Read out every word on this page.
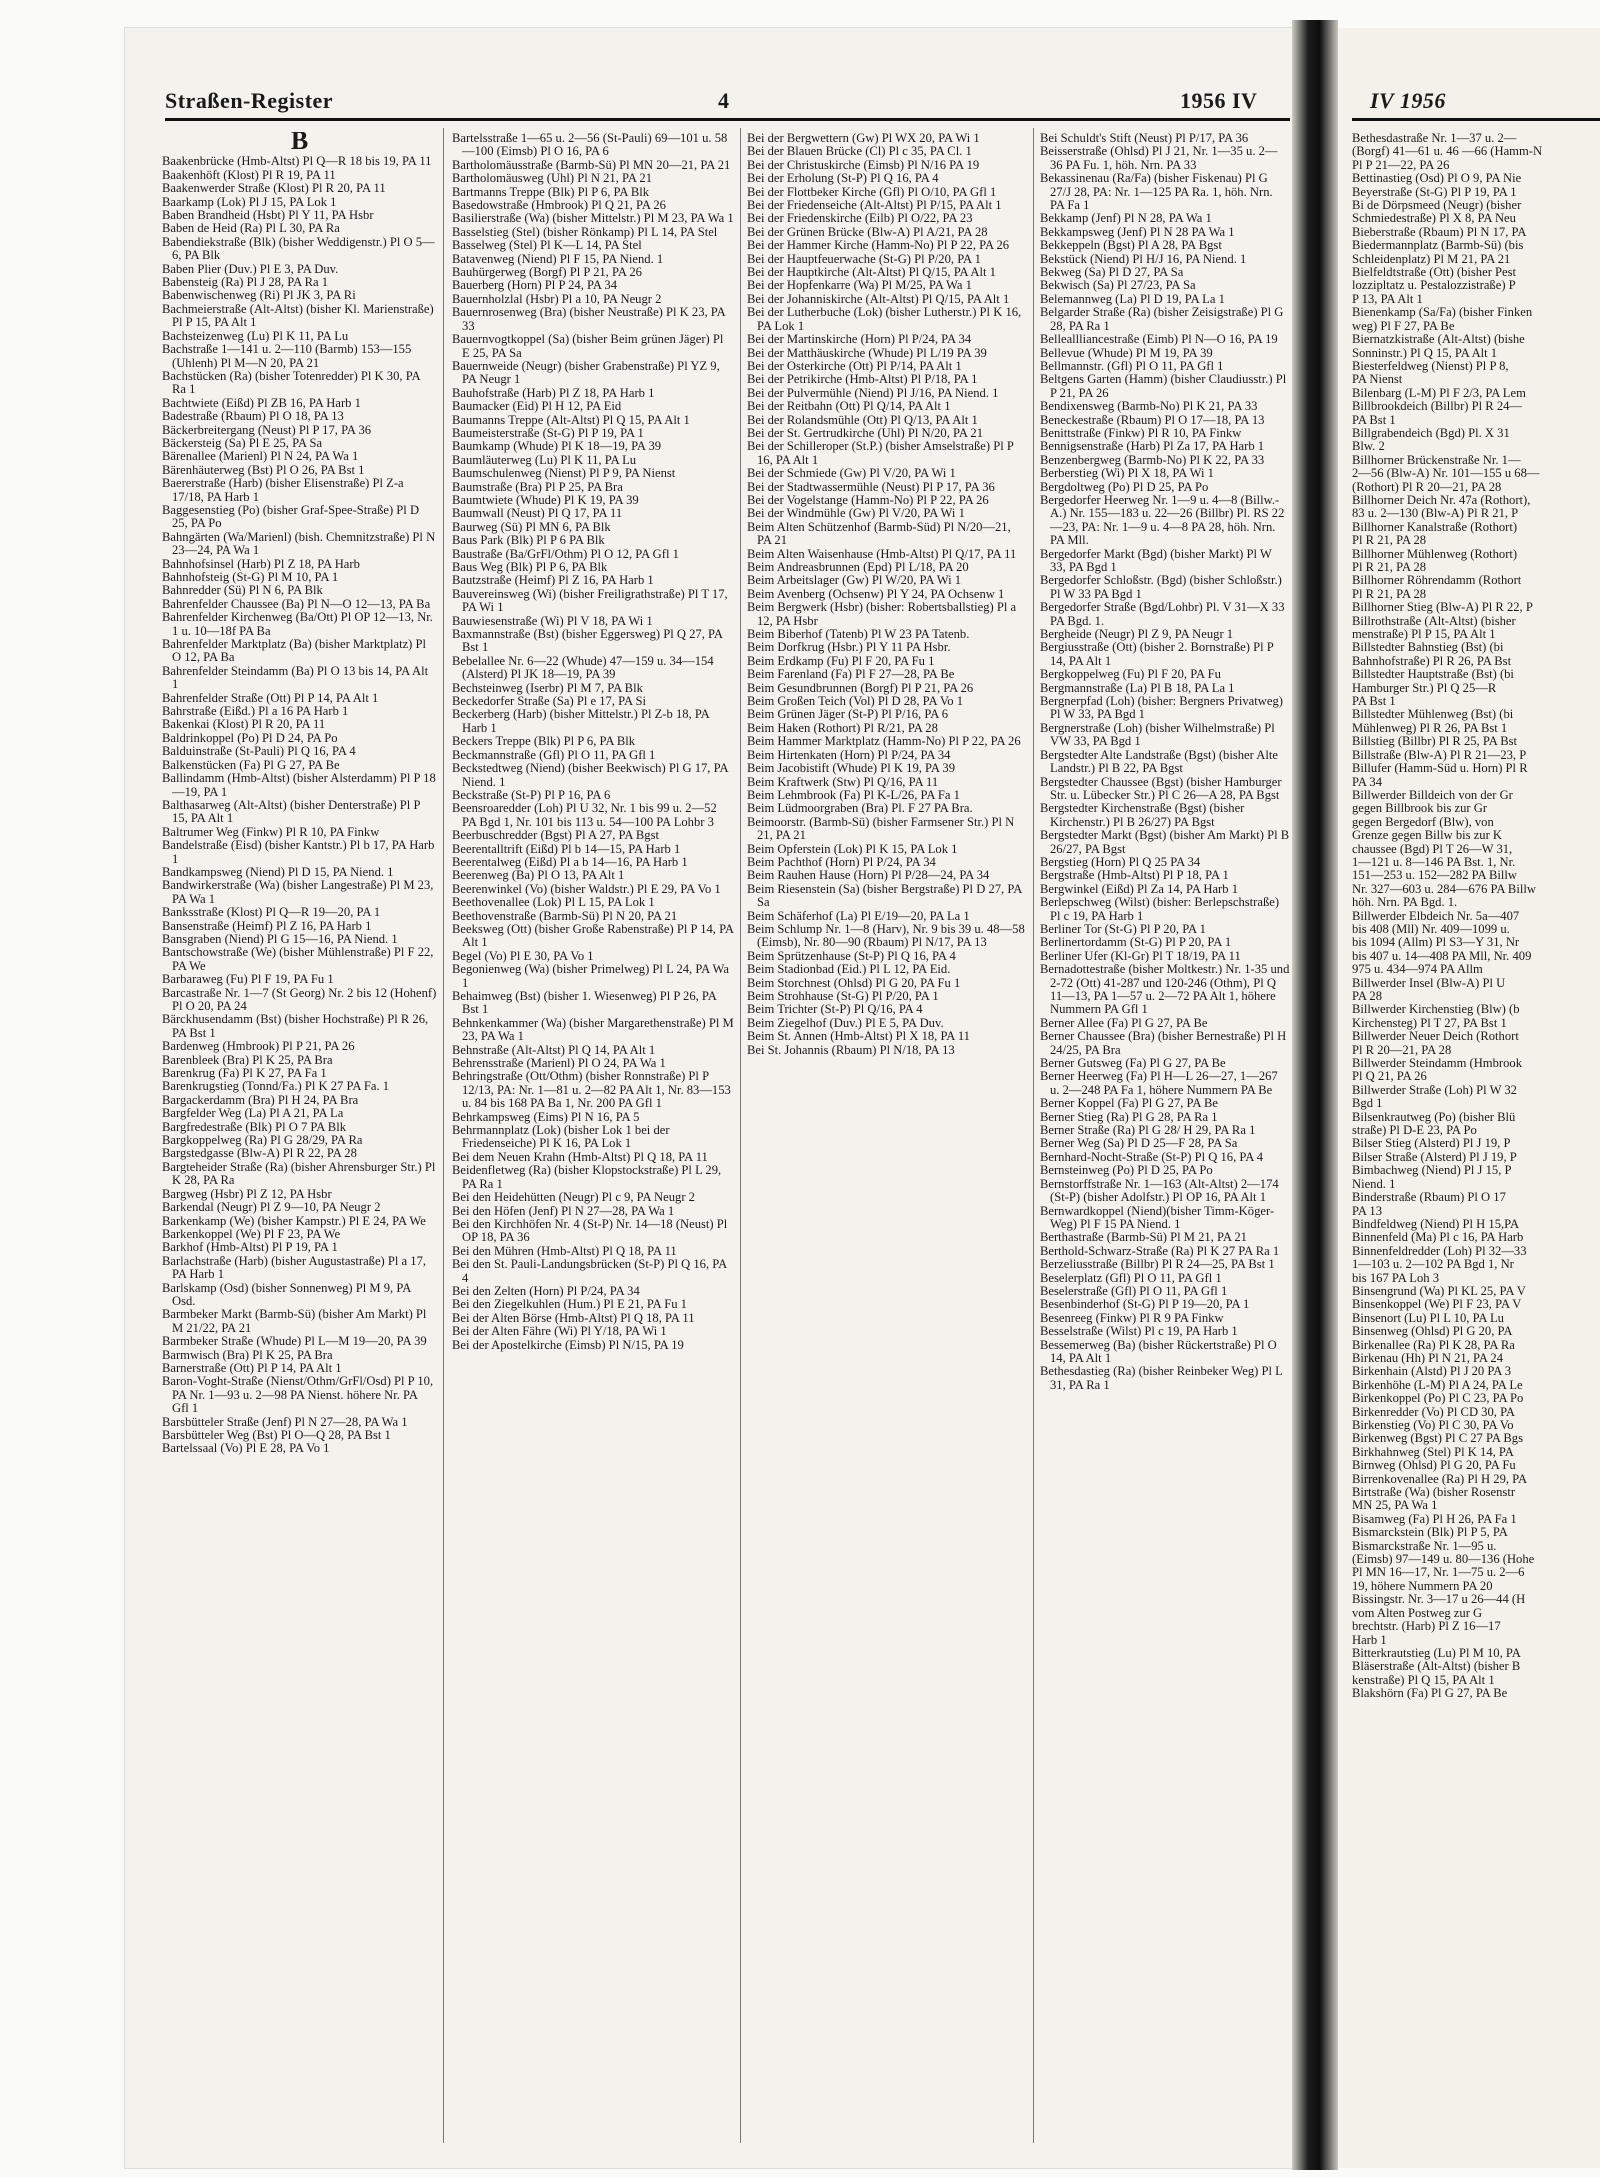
Straßen-Register	4	1956 IV	IV 1956
B

Baakenbrücke (Hmb-Altst) Pl Q—R 18 bis 19, PA 11

Baakenhöft (Klost) Pl R 19, PA 11

Baakenwerder Straße (Klost) Pl R 20, PA 11

Baarkamp (Lok) Pl J 15, PA Lok 1

Baben Brandheid (Hsbt) Pl Y 11, PA Hsbr

Baben de Heid (Ra) Pl L 30, PA Ra

Babendiekstraße (Blk) (bisher Weddigenstr.) Pl O 5—6, PA Blk

Baben Plier (Duv.) Pl E 3, PA Duv.

Babensteig (Ra) Pl J 28, PA Ra 1

Babenwischenweg (Ri) Pl JK 3, PA Ri

Bachmeierstraße (Alt-Altst) (bisher Kl. Marienstraße) Pl P 15, PA Alt 1

Bachsteizenweg (Lu) Pl K 11, PA Lu

Bachstraße 1—141 u. 2—110 (Barmb) 153—155 (Uhlenh) Pl M—N 20, PA 21

Bachstücken (Ra) (bisher Totenredder) Pl K 30, PA Ra 1

Bachtwiete (Eißd) Pl ZB 16, PA Harb 1

Badestraße (Rbaum) Pl O 18, PA 13

Bäckerbreitergang (Neust) Pl P 17, PA 36

Bäckersteig (Sa) Pl E 25, PA Sa

Bärenallee (Marienl) Pl N 24, PA Wa 1

Bärenhäuterweg (Bst) Pl O 26, PA Bst 1

Baererstraße (Harb) (bisher Elisenstraße) Pl Z-a 17/18, PA Harb 1

Baggesenstieg (Po) (bisher Graf-Spee-Straße) Pl D 25, PA Po

Bahngärten (Wa/Marienl) (bish. Chemnitzstraße) Pl N 23—24, PA Wa 1

Bahnhofsinsel (Harb) Pl Z 18, PA Harb

Bahnhofsteig (St-G) Pl M 10, PA 1

Bahnredder (Sü) Pl N 6, PA Blk

Bahrenfelder Chaussee (Ba) Pl N—O 12—13, PA Ba

Bahrenfelder Kirchenweg (Ba/Ott) Pl OP 12—13, Nr. 1 u. 10—18f PA Ba

Bahrenfelder Marktplatz (Ba) (bisher Marktplatz) Pl O 12, PA Ba

Bahrenfelder Steindamm (Ba) Pl O 13 bis 14, PA Alt 1

Bahrenfelder Straße (Ott) Pl P 14, PA Alt 1

Bahrstraße (Eißd.) Pl a 16 PA Harb 1

Bakenkai (Klost) Pl R 20, PA 11

Baldrinkoppel (Po) Pl D 24, PA Po

Balduinstraße (St-Pauli) Pl Q 16, PA 4

Balkenstücken (Fa) Pl G 27, PA Be

Ballindamm (Hmb-Altst) (bisher Alsterdamm) Pl P 18—19, PA 1

Balthasarweg (Alt-Altst) (bisher Denterstraße) Pl P 15, PA Alt 1

Baltrumer Weg (Finkw) Pl R 10, PA Finkw

Bandelstraße (Eisd) (bisher Kantstr.) Pl b 17, PA Harb 1

Bandkampsweg (Niend) Pl D 15, PA Niend. 1

Bandwirkerstraße (Wa) (bisher Langestraße) Pl M 23, PA Wa 1

Banksstraße (Klost) Pl Q—R 19—20, PA 1

Bansenstraße (Heimf) Pl Z 16, PA Harb 1

Bansgraben (Niend) Pl G 15—16, PA Niend. 1

Bantschowstraße (We) (bisher Mühlenstraße) Pl F 22, PA We

Barbaraweg (Fu) Pl F 19, PA Fu 1

Barcastraße Nr. 1—7 (St Georg) Nr. 2 bis 12 (Hohenf) Pl O 20, PA 24

Bärckhusendamm (Bst) (bisher Hochstraße) Pl R 26, PA Bst 1

Bardenweg (Hmbrook) Pl P 21, PA 26

Barenbleek (Bra) Pl K 25, PA Bra

Barenkrug (Fa) Pl K 27, PA Fa 1

Barenkrugstieg (Tonnd/Fa.) Pl K 27 PA Fa. 1

Bargackerdamm (Bra) Pl H 24, PA Bra

Bargfelder Weg (La) Pl A 21, PA La

Bargfredestraße (Blk) Pl O 7 PA Blk

Bargkoppelweg (Ra) Pl G 28/29, PA Ra

Bargstedgasse (Blw-A) Pl R 22, PA 28

Bargteheider Straße (Ra) (bisher Ahrensburger Str.) Pl K 28, PA Ra

Bargweg (Hsbr) Pl Z 12, PA Hsbr

Barkendal (Neugr) Pl Z 9—10, PA Neugr 2

Barkenkamp (We) (bisher Kampstr.) Pl E 24, PA We

Barkenkoppel (We) Pl F 23, PA We

Barkhof (Hmb-Altst) Pl P 19, PA 1

Barlachstraße (Harb) (bisher Augustastraße) Pl a 17, PA Harb 1

Barlskamp (Osd) (bisher Sonnenweg) Pl M 9, PA Osd.

Barmbeker Markt (Barmb-Sü) (bisher Am Markt) Pl M 21/22, PA 21

Barmbeker Straße (Whude) Pl L—M 19—20, PA 39

Barmwisch (Bra) Pl K 25, PA Bra

Barnerstraße (Ott) Pl P 14, PA Alt 1

Baron-Voght-Straße (Nienst/Othm/GrFl/Osd) Pl P 10, PA Nr. 1—93 u. 2—98 PA Nienst. höhere Nr. PA Gfl 1

Barsbütteler Straße (Jenf) Pl N 27—28, PA Wa 1

Barsbütteler Weg (Bst) Pl O—Q 28, PA Bst 1

Bartelssaal (Vo) Pl E 28, PA Vo 1

Bartelsstraße 1—65 u. 2—56 (St-Pauli) 69—101 u. 58—100 (Eimsb) Pl O 16, PA 6

Bartholomäusstraße (Barmb-Sü) Pl MN 20—21, PA 21

Bartholomäusweg (Uhl) Pl N 21, PA 21

Bartmanns Treppe (Blk) Pl P 6, PA Blk

Basedowstraße (Hmbrook) Pl Q 21, PA 26

Basilierstraße (Wa) (bisher Mittelstr.) Pl M 23, PA Wa 1

Basselstieg (Stel) (bisher Rönkamp) Pl L 14, PA Stel

Basselweg (Stel) Pl K—L 14, PA Stel

Batavenweg (Niend) Pl F 15, PA Niend. 1

Bauhürgerweg (Borgf) Pl P 21, PA 26

Bauerberg (Horn) Pl P 24, PA 34

Bauernholzlal (Hsbr) Pl a 10, PA Neugr 2

Bauernrosenweg (Bra) (bisher Neustraße) Pl K 23, PA 33

Bauernvogtkoppel (Sa) (bisher Beim grünen Jäger) Pl E 25, PA Sa

Bauernweide (Neugr) (bisher Grabenstraße) Pl YZ 9, PA Neugr 1

Bauhofstraße (Harb) Pl Z 18, PA Harb 1

Baumacker (Eid) Pl H 12, PA Eid

Baumanns Treppe (Alt-Altst) Pl Q 15, PA Alt 1

Baumeisterstraße (St-G) Pl P 19, PA 1

Baumkamp (Whude) Pl K 18—19, PA 39

Baumläuterweg (Lu) Pl K 11, PA Lu

Baumschulenweg (Nienst) Pl P 9, PA Nienst

Baumstraße (Bra) Pl P 25, PA Bra

Baumtwiete (Whude) Pl K 19, PA 39

Baumwall (Neust) Pl Q 17, PA 11

Baurweg (Sü) Pl MN 6, PA Blk

Baus Park (Blk) Pl P 6 PA Blk

Baustraße (Ba/GrFl/Othm) Pl O 12, PA Gfl 1

Baus Weg (Blk) Pl P 6, PA Blk

Bautzstraße (Heimf) Pl Z 16, PA Harb 1

Bauvereinsweg (Wi) (bisher Freiligrathstraße) Pl T 17, PA Wi 1

Bauwiesenstraße (Wi) Pl V 18, PA Wi 1

Baxmannstraße (Bst) (bisher Eggersweg) Pl Q 27, PA Bst 1

Bebelallee Nr. 6—22 (Whude) 47—159 u. 34—154 (Alsterd) Pl JK 18—19, PA 39

Bechsteinweg (Iserbr) Pl M 7, PA Blk

Beckedorfer Straße (Sa) Pl e 17, PA Si

Beckerberg (Harb) (bisher Mittelstr.) Pl Z-b 18, PA Harb 1

Beckers Treppe (Blk) Pl P 6, PA Blk

Beckmannstraße (Gfl) Pl O 11, PA Gfl 1

Beckstedtweg (Niend) (bisher Beekwisch) Pl G 17, PA Niend. 1

Beckstraße (St-P) Pl P 16, PA 6

Beensroaredder (Loh) Pl U 32, Nr. 1 bis 99 u. 2—52 PA Bgd 1, Nr. 101 bis 113 u. 54—100 PA Lohbr 3

Beerbuschredder (Bgst) Pl A 27, PA Bgst

Beerentalltrift (Eißd) Pl b 14—15, PA Harb 1

Beerentalweg (Eißd) Pl a b 14—16, PA Harb 1

Beerenweg (Ba) Pl O 13, PA Alt 1

Beerenwinkel (Vo) (bisher Waldstr.) Pl E 29, PA Vo 1

Beethovenallee (Lok) Pl L 15, PA Lok 1

Beethovenstraße (Barmb-Sü) Pl N 20, PA 21

Beeksweg (Ott) (bisher Große Rabenstraße) Pl P 14, PA Alt 1

Begel (Vo) Pl E 30, PA Vo 1

Begonienweg (Wa) (bisher Primelweg) Pl L 24, PA Wa 1

Behaimweg (Bst) (bisher 1. Wiesenweg) Pl P 26, PA Bst 1

Behnkenkammer (Wa) (bisher Margarethenstraße) Pl M 23, PA Wa 1

Behnstraße (Alt-Altst) Pl Q 14, PA Alt 1

Behrensstraße (Marienl) Pl O 24, PA Wa 1

Behringstraße (Ott/Othm) (bisher Ronnstraße) Pl P 12/13, PA: Nr. 1—81 u. 2—82 PA Alt 1, Nr. 83—153 u. 84 bis 168 PA Ba 1, Nr. 200 PA Gfl 1

Behrkampsweg (Eims) Pl N 16, PA 5

Behrmannplatz (Lok) (bisher Lok 1 bei der Friedenseiche) Pl K 16, PA Lok 1

Bei dem Neuen Krahn (Hmb-Altst) Pl Q 18, PA 11

Beidenfletweg (Ra) (bisher Klopstockstraße) Pl L 29, PA Ra 1

Bei den Heidehütten (Neugr) Pl c 9, PA Neugr 2

Bei den Höfen (Jenf) Pl N 27—28, PA Wa 1

Bei den Kirchhöfen Nr. 4 (St-P) Nr. 14—18 (Neust) Pl OP 18, PA 36

Bei den Mühren (Hmb-Altst) Pl Q 18, PA 11

Bei den St. Pauli-Landungsbrücken (St-P) Pl Q 16, PA 4

Bei den Zelten (Horn) Pl P/24, PA 34

Bei den Ziegelkuhlen (Hum.) Pl E 21, PA Fu 1

Bei der Alten Börse (Hmb-Altst) Pl Q 18, PA 11

Bei der Alten Fähre (Wi) Pl Y/18, PA Wi 1

Bei der Apostelkirche (Eimsb) Pl N/15, PA 19

Bei der Bergwettern (Gw) Pl WX 20, PA Wi 1

Bei der Blauen Brücke (Cl) Pl c 35, PA Cl. 1

Bei der Christuskirche (Eimsb) Pl N/16 PA 19

Bei der Erholung (St-P) Pl Q 16, PA 4

Bei der Flottbeker Kirche (Gfl) Pl O/10, PA Gfl 1

Bei der Friedenseiche (Alt-Altst) Pl P/15, PA Alt 1

Bei der Friedenskirche (Eilb) Pl O/22, PA 23

Bei der Grünen Brücke (Blw-A) Pl A/21, PA 28

Bei der Hammer Kirche (Hamm-No) Pl P 22, PA 26

Bei der Hauptfeuerwache (St-G) Pl P/20, PA 1

Bei der Hauptkirche (Alt-Altst) Pl Q/15, PA Alt 1

Bei der Hopfenkarre (Wa) Pl M/25, PA Wa 1

Bei der Johanniskirche (Alt-Altst) Pl Q/15, PA Alt 1

Bei der Lutherbuche (Lok) (bisher Lutherstr.) Pl K 16, PA Lok 1

Bei der Martinskirche (Horn) Pl P/24, PA 34

Bei der Matthäuskirche (Whude) Pl L/19 PA 39

Bei der Osterkirche (Ott) Pl P/14, PA Alt 1

Bei der Petrikirche (Hmb-Altst) Pl P/18, PA 1

Bei der Pulvermühle (Niend) Pl J/16, PA Niend. 1

Bei der Reitbahn (Ott) Pl Q/14, PA Alt 1

Bei der Rolandsmühle (Ott) Pl Q/13, PA Alt 1

Bei der St. Gertrudkirche (Uhl) Pl N/20, PA 21

Bei der Schilleroper (St.P.) (bisher Amselstraße) Pl P 16, PA Alt 1

Bei der Schmiede (Gw) Pl V/20, PA Wi 1

Bei der Stadtwassermühle (Neust) Pl P 17, PA 36

Bei der Vogelstange (Hamm-No) Pl P 22, PA 26

Bei der Windmühle (Gw) Pl V/20, PA Wi 1

Beim Alten Schützenhof (Barmb-Süd) Pl N/20—21, PA 21

Beim Alten Waisenhause (Hmb-Altst) Pl Q/17, PA 11

Beim Andreasbrunnen (Epd) Pl L/18, PA 20

Beim Arbeitslager (Gw) Pl W/20, PA Wi 1

Beim Avenberg (Ochsenw) Pl Y 24, PA Ochsenw 1

Beim Bergwerk (Hsbr) (bisher: Robertsballstieg) Pl a 12, PA Hsbr

Beim Biberhof (Tatenb) Pl W 23 PA Tatenb.

Beim Dorfkrug (Hsbr.) Pl Y 11 PA Hsbr.

Beim Erdkamp (Fu) Pl F 20, PA Fu 1

Beim Farenland (Fa) Pl F 27—28, PA Be

Beim Gesundbrunnen (Borgf) Pl P 21, PA 26

Beim Großen Teich (Vol) Pl D 28, PA Vo 1

Beim Grünen Jäger (St-P) Pl P/16, PA 6

Beim Haken (Rothort) Pl R/21, PA 28

Beim Hammer Marktplatz (Hamm-No) Pl P 22, PA 26

Beim Hirtenkaten (Horn) Pl P/24, PA 34

Beim Jacobistift (Whude) Pl K 19, PA 39

Beim Kraftwerk (Stw) Pl Q/16, PA 11

Beim Lehmbrook (Fa) Pl K-L/26, PA Fa 1

Beim Lüdmoorgraben (Bra) Pl. F 27 PA Bra.

Beimoorstr. (Barmb-Sü) (bisher Farmsener Str.) Pl N 21, PA 21

Beim Opferstein (Lok) Pl K 15, PA Lok 1

Beim Pachthof (Horn) Pl P/24, PA 34

Beim Rauhen Hause (Horn) Pl P/28—24, PA 34

Beim Riesenstein (Sa) (bisher Bergstraße) Pl D 27, PA Sa

Beim Schäferhof (La) Pl E/19—20, PA La 1

Beim Schlump Nr. 1—8 (Harv), Nr. 9 bis 39 u. 48—58 (Eimsb), Nr. 80—90 (Rbaum) Pl N/17, PA 13

Beim Sprützenhause (St-P) Pl Q 16, PA 4

Beim Stadionbad (Eid.) Pl L 12, PA Eid.

Beim Storchnest (Ohlsd) Pl G 20, PA Fu 1

Beim Strohhause (St-G) Pl P/20, PA 1

Beim Trichter (St-P) Pl Q/16, PA 4

Beim Ziegelhof (Duv.) Pl E 5, PA Duv.

Beim St. Annen (Hmb-Altst) Pl X 18, PA 11

Bei St. Johannis (Rbaum) Pl N/18, PA 13

Bei Schuldt's Stift (Neust) Pl P/17, PA 36

Beisserstraße (Ohlsd) Pl J 21, Nr. 1—35 u. 2—36 PA Fu. 1, höh. Nrn. PA 33

Bekassinenau (Ra/Fa) (bisher Fiskenau) Pl G 27/J 28, PA: Nr. 1—125 PA Ra. 1, höh. Nrn. PA Fa 1

Bekkamp (Jenf) Pl N 28, PA Wa 1

Bekkampsweg (Jenf) Pl N 28 PA Wa 1

Bekkeppeln (Bgst) Pl A 28, PA Bgst

Bekstück (Niend) Pl H/J 16, PA Niend. 1

Bekweg (Sa) Pl D 27, PA Sa

Bekwisch (Sa) Pl 27/23, PA Sa

Belemannweg (La) Pl D 19, PA La 1

Belgarder Straße (Ra) (bisher Zeisigstraße) Pl G 28, PA Ra 1

Belleallliancestraße (Eimb) Pl N—O 16, PA 19

Bellevue (Whude) Pl M 19, PA 39

Bellmannstr. (Gfl) Pl O 11, PA Gfl 1

Beltgens Garten (Hamm) (bisher Claudiusstr.) Pl P 21, PA 26

Bendixensweg (Barmb-No) Pl K 21, PA 33

Beneckestraße (Rbaum) Pl O 17—18, PA 13

Benittstraße (Finkw) Pl R 10, PA Finkw

Bennigsenstraße (Harb) Pl Za 17, PA Harb 1

Benzenbergweg (Barmb-No) Pl K 22, PA 33

Berberstieg (Wi) Pl X 18, PA Wi 1

Bergdoltweg (Po) Pl D 25, PA Po

Bergedorfer Heerweg Nr. 1—9 u. 4—8 (Billw.-A.) Nr. 155—183 u. 22—26 (Billbr) Pl. RS 22—23, PA: Nr. 1—9 u. 4—8 PA 28, höh. Nrn. PA Mll.

Bergedorfer Markt (Bgd) (bisher Markt) Pl W 33, PA Bgd 1

Bergedorfer Schloßstr. (Bgd) (bisher Schloßstr.) Pl W 33 PA Bgd 1

Bergedorfer Straße (Bgd/Lohbr) Pl. V 31—X 33 PA Bgd. 1.

Bergheide (Neugr) Pl Z 9, PA Neugr 1

Bergiusstraße (Ott) (bisher 2. Bornstraße) Pl P 14, PA Alt 1

Bergkoppelweg (Fu) Pl F 20, PA Fu

Bergmannstraße (La) Pl B 18, PA La 1

Bergnerpfad (Loh) (bisher: Bergners Privatweg) Pl W 33, PA Bgd 1

Bergnerstraße (Loh) (bisher Wilhelmstraße) Pl VW 33, PA Bgd 1

Bergstedter Alte Landstraße (Bgst) (bisher Alte Landstr.) Pl B 22, PA Bgst

Bergstedter Chaussee (Bgst) (bisher Hamburger Str. u. Lübecker Str.) Pl C 26—A 28, PA Bgst

Bergstedter Kirchenstraße (Bgst) (bisher Kirchenstr.) Pl B 26/27) PA Bgst

Bergstedter Markt (Bgst) (bisher Am Markt) Pl B 26/27, PA Bgst

Bergstieg (Horn) Pl Q 25 PA 34

Bergstraße (Hmb-Altst) Pl P 18, PA 1

Bergwinkel (Eißd) Pl Za 14, PA Harb 1

Berlepschweg (Wilst) (bisher: Berlepschstraße) Pl c 19, PA Harb 1

Berliner Tor (St-G) Pl P 20, PA 1

Berlinertordamm (St-G) Pl P 20, PA 1

Berliner Ufer (Kl-Gr) Pl T 18/19, PA 11

Bernadottestraße (bisher Moltkestr.) Nr. 1-35 und 2-72 (Ott) 41-287 und 120-246 (Othm), Pl Q 11—13, PA 1—57 u. 2—72 PA Alt 1, höhere Nummern PA Gfl 1

Berner Allee (Fa) Pl G 27, PA Be

Berner Chaussee (Bra) (bisher Bernestraße) Pl H 24/25, PA Bra

Berner Gutsweg (Fa) Pl G 27, PA Be

Berner Heerweg (Fa) Pl H—L 26—27, 1—267 u. 2—248 PA Fa 1, höhere Nummern PA Be

Berner Koppel (Fa) Pl G 27, PA Be

Berner Stieg (Ra) Pl G 28, PA Ra 1

Berner Straße (Ra) Pl G 28/ H 29, PA Ra 1

Berner Weg (Sa) Pl D 25—F 28, PA Sa

Bernhard-Nocht-Straße (St-P) Pl Q 16, PA 4

Bernsteinweg (Po) Pl D 25, PA Po

Bernstorffstraße Nr. 1—163 (Alt-Altst) 2—174 (St-P) (bisher Adolfstr.) Pl OP 16, PA Alt 1

Bernwardkoppel (Niend)(bisher Timm-Köger-Weg) Pl F 15 PA Niend. 1

Berthastraße (Barmb-Sü) Pl M 21, PA 21

Berthold-Schwarz-Straße (Ra) Pl K 27 PA Ra 1

Berzeliusstraße (Billbr) Pl R 24—25, PA Bst 1

Beselerplatz (Gfl) Pl O 11, PA Gfl 1

Beselerstraße (Gfl) Pl O 11, PA Gfl 1

Besenbinderhof (St-G) Pl P 19—20, PA 1

Besenreeg (Finkw) Pl R 9 PA Finkw

Besselstraße (Wilst) Pl c 19, PA Harb 1

Bessemerweg (Ba) (bisher Rückertstraße) Pl O 14, PA Alt 1

Bethesdastieg (Ra) (bisher Reinbeker Weg) Pl L 31, PA Ra 1

Bethesdastraße Nr. 1—37 u. 2—

(Borgf) 41—61 u. 46 —66 (Hamm-N

Pl P 21—22, PA 26

Bettinastieg (Osd) Pl O 9, PA Nie

Beyerstraße (St-G) Pl P 19, PA 1

Bi de Dörpsmeed (Neugr) (bisher

Schmiedestraße) Pl X 8, PA Neu

Bieberstraße (Rbaum) Pl N 17, PA

Biedermannplatz (Barmb-Sü) (bis

Schleidenplatz) Pl M 21, PA 21

Bielfeldtstraße (Ott) (bisher Pest

lozzipltatz u. Pestalozzistraße) P

P 13, PA Alt 1

Bienenkamp (Sa/Fa) (bisher Finken

weg) Pl F 27, PA Be

Biernatzkistraße (Alt-Altst) (bishe

Sonninstr.) Pl Q 15, PA Alt 1

Biesterfeldweg (Nienst) Pl P 8,

PA Nienst

Bilenbarg (L-M) Pl F 2/3, PA Lem

Billbrookdeich (Billbr) Pl R 24—

PA Bst 1

Billgrabendeich (Bgd) Pl. X 31

Blw. 2

Billhorner Brückenstraße Nr. 1—

2—56 (Blw-A) Nr. 101—155 u 68—

(Rothort) Pl R 20—21, PA 28

Billhorner Deich Nr. 47a (Rothort),

83 u. 2—130 (Blw-A) Pl R 21, P

Billhorner Kanalstraße (Rothort)

Pl R 21, PA 28

Billhorner Mühlenweg (Rothort)

Pl R 21, PA 28

Billhorner Röhrendamm (Rothort

Pl R 21, PA 28

Billhorner Stieg (Blw-A) Pl R 22, P

Billrothstraße (Alt-Altst) (bisher

menstraße) Pl P 15, PA Alt 1

Billstedter Bahnstieg (Bst) (bi

Bahnhofstraße) Pl R 26, PA Bst

Billstedter Hauptstraße (Bst) (bi

Hamburger Str.) Pl Q 25—R

PA Bst 1

Billstedter Mühlenweg (Bst) (bi

Mühlenweg) Pl R 26, PA Bst 1

Billstieg (Billbr) Pl R 25, PA Bst

Billstraße (Blw-A) Pl R 21—23, P

Billufer (Hamm-Süd u. Horn) Pl R

PA 34

Billwerder Billdeich von der Gr

gegen Billbrook bis zur Gr

gegen Bergedorf (Blw), von

Grenze gegen Billw bis zur K

chaussee (Bgd) Pl T 26—W 31,

1—121 u. 8—146 PA Bst. 1, Nr.

151—253 u. 152—282 PA Billw

Nr. 327—603 u. 284—676 PA Billw

höh. Nrn. PA Bgd. 1.

Billwerder Elbdeich Nr. 5a—407

bis 408 (Mll) Nr. 409—1099 u.

bis 1094 (Allm) Pl S3—Y 31, Nr

bis 407 u. 14—408 PA Mll, Nr. 409

975 u. 434—974 PA Allm

Billwerder Insel (Blw-A) Pl U

PA 28

Billwerder Kirchenstieg (Blw) (b

Kirchensteg) Pl T 27, PA Bst 1

Billwerder Neuer Deich (Rothort

Pl R 20—21, PA 28

Billwerder Steindamm (Hmbrook

Pl Q 21, PA 26

Billwerder Straße (Loh) Pl W 32

Bgd 1

Bilsenkrautweg (Po) (bisher Blü

straße) Pl D-E 23, PA Po

Bilser Stieg (Alsterd) Pl J 19, P

Bilser Straße (Alsterd) Pl J 19, P

Bimbachweg (Niend) Pl J 15, P

Niend. 1

Binderstraße (Rbaum) Pl O 17

PA 13

Bindfeldweg (Niend) Pl H 15,PA

Binnenfeld (Ma) Pl c 16, PA Harb

Binnenfeldredder (Loh) Pl 32—33

1—103 u. 2—102 PA Bgd 1, Nr

bis 167 PA Loh 3

Binsengrund (Wa) Pl KL 25, PA V

Binsenkoppel (We) Pl F 23, PA V

Binsenort (Lu) Pl L 10, PA Lu

Binsenweg (Ohlsd) Pl G 20, PA

Birkenallee (Ra) Pl K 28, PA Ra

Birkenau (Hh) Pl N 21, PA 24

Birkenhain (Alstd) Pl J 20 PA 3

Birkenhöhe (L-M) Pl A 24, PA Le

Birkenkoppel (Po) Pl C 23, PA Po

Birkenredder (Vo) Pl CD 30, PA

Birkenstieg (Vo) Pl C 30, PA Vo

Birkenweg (Bgst) Pl C 27 PA Bgs

Birkhahnweg (Stel) Pl K 14, PA

Birnweg (Ohlsd) Pl G 20, PA Fu

Birrenkovenallee (Ra) Pl H 29, PA

Birtstraße (Wa) (bisher Rosenstr

MN 25, PA Wa 1

Bisamweg (Fa) Pl H 26, PA Fa 1

Bismarckstein (Blk) Pl P 5, PA

Bismarckstraße Nr. 1—95 u.

(Eimsb) 97—149 u. 80—136 (Hohe

Pl MN 16—17, Nr. 1—75 u. 2—6

19, höhere Nummern PA 20

Bissingstr. Nr. 3—17 u 26—44 (H

vom Alten Postweg zur G

brechtstr. (Harb) Pl Z 16—17

Harb 1

Bitterkrautstieg (Lu) Pl M 10, PA

Bläserstraße (Alt-Altst) (bisher B

kenstraße) Pl Q 15, PA Alt 1

Blakshörn (Fa) Pl G 27, PA Be
